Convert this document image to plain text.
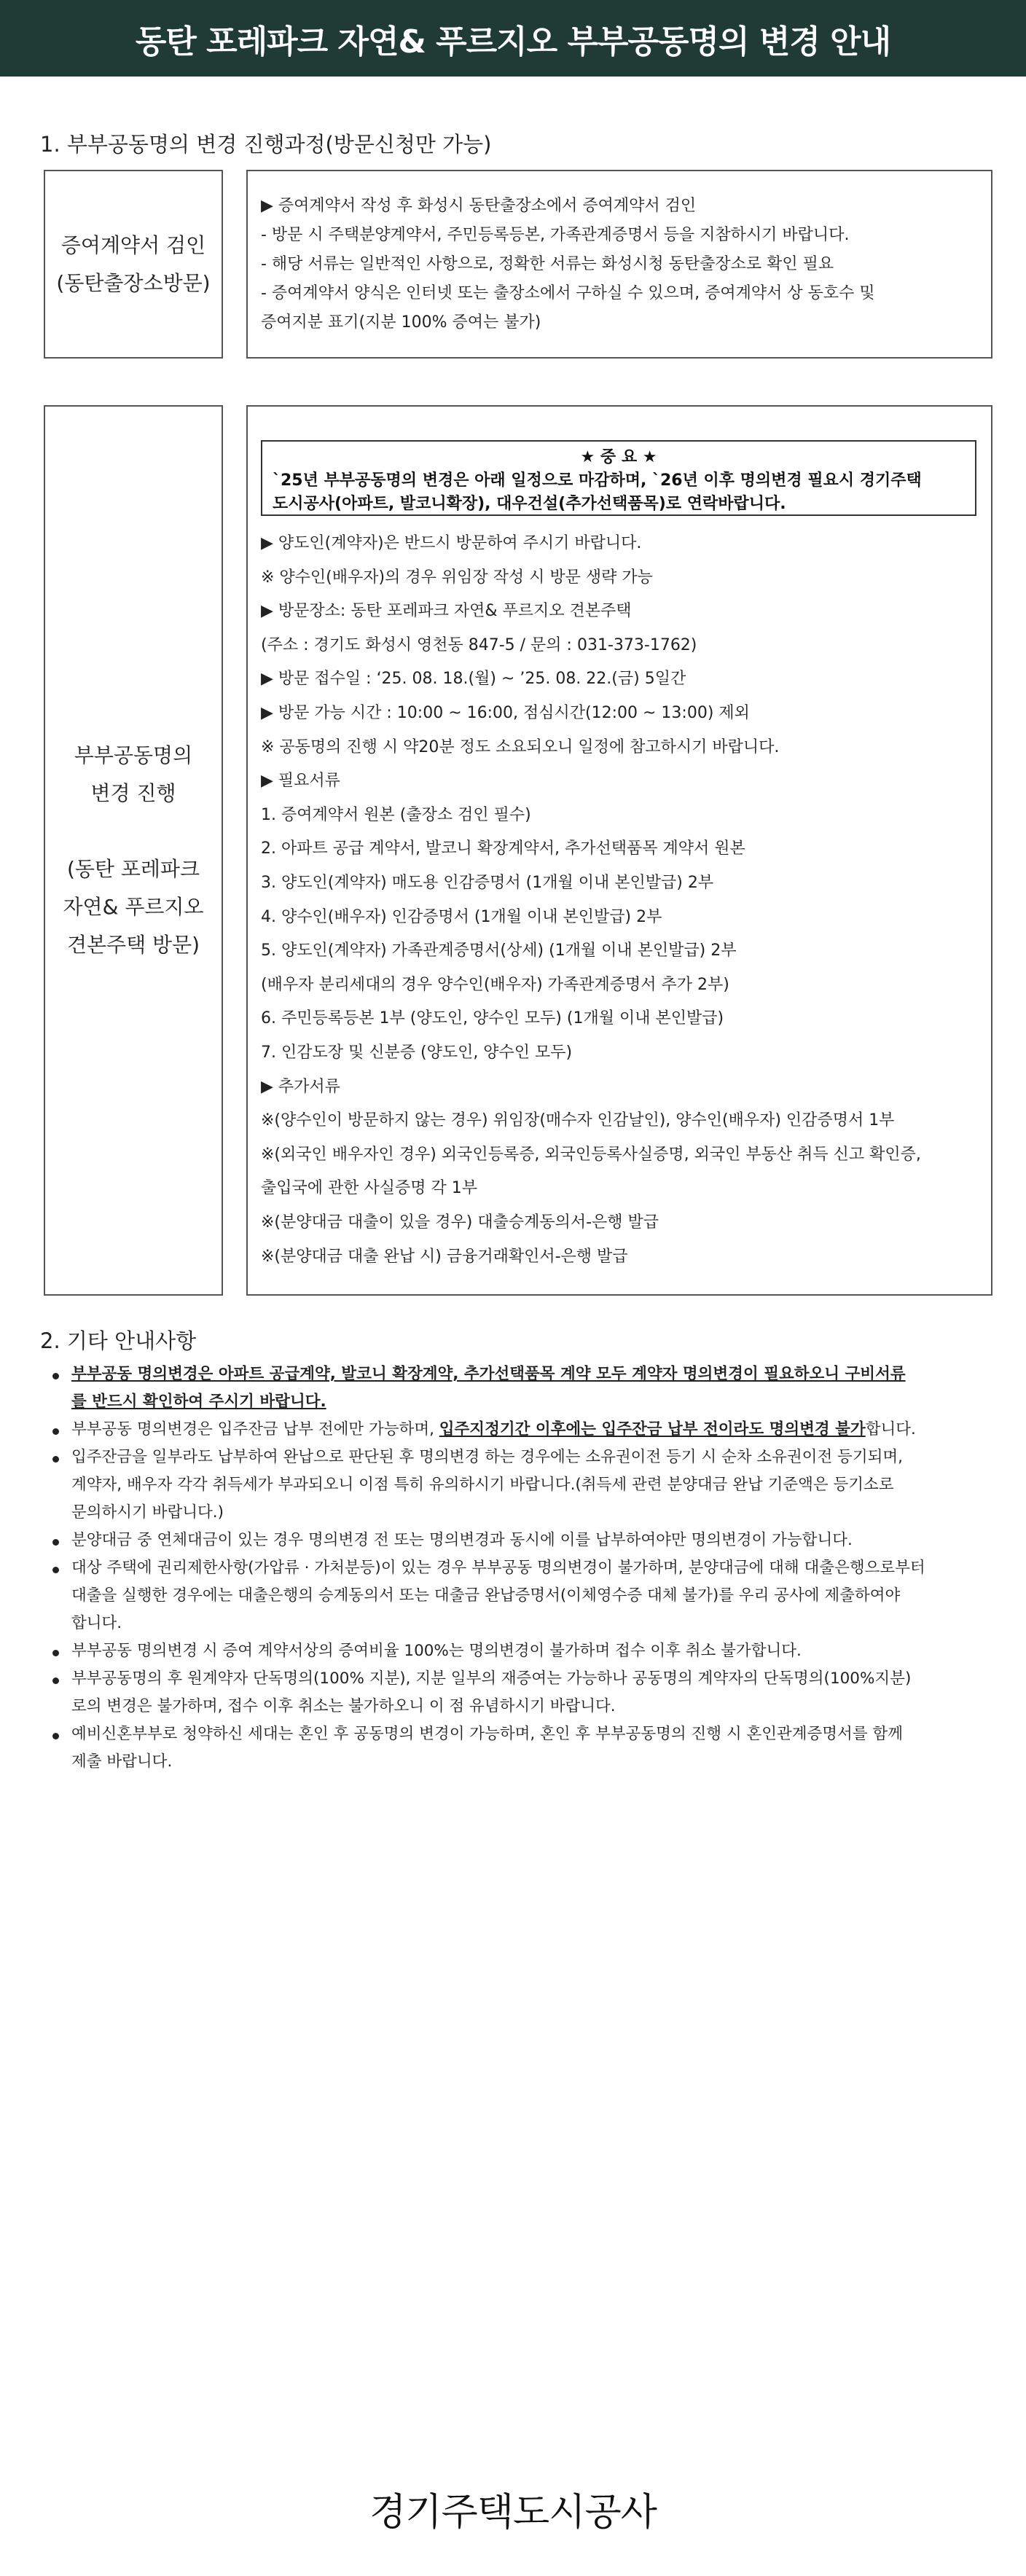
동탄 포레파크 자연& 푸르지오 부부공동명의 변경 안내
1. 부부공동명의 변경 진행과정(방문신청만 가능)
증여계약서 검인
(동탄출장소방문)
▶ 증여계약서 작성 후 화성시 동탄출장소에서 증여계약서 검인
- 방문 시 주택분양계약서, 주민등록등본, 가족관계증명서 등을 지참하시기 바랍니다.
- 해당 서류는 일반적인 사항으로, 정확한 서류는 화성시청 동탄출장소로 확인 필요
- 증여계약서 양식은 인터넷 또는 출장소에서 구하실 수 있으며, 증여계약서 상 동호수 및
증여지분 표기(지분 100% 증여는 불가)
부부공동명의
변경 진행

(동탄 포레파크
자연& 푸르지오
견본주택 방문)
★ 중 요 ★
`25년 부부공동명의 변경은 아래 일정으로 마감하며, `26년 이후 명의변경 필요시 경기주택
도시공사(아파트, 발코니확장), 대우건설(추가선택품목)로 연락바랍니다.
▶ 양도인(계약자)은 반드시 방문하여 주시기 바랍니다.
※ 양수인(배우자)의 경우 위임장 작성 시 방문 생략 가능
▶ 방문장소: 동탄 포레파크 자연& 푸르지오 견본주택
(주소 : 경기도 화성시 영천동 847-5 / 문의 : 031-373-1762)
▶ 방문 접수일 : ‘25. 08. 18.(월) ~ ’25. 08. 22.(금) 5일간
▶ 방문 가능 시간 : 10:00 ~ 16:00, 점심시간(12:00 ~ 13:00) 제외
※ 공동명의 진행 시 약20분 정도 소요되오니 일정에 참고하시기 바랍니다.
▶ 필요서류
1. 증여계약서 원본 (출장소 검인 필수)
2. 아파트 공급 계약서, 발코니 확장계약서, 추가선택품목 계약서 원본
3. 양도인(계약자) 매도용 인감증명서 (1개월 이내 본인발급) 2부
4. 양수인(배우자) 인감증명서 (1개월 이내 본인발급) 2부
5. 양도인(계약자) 가족관계증명서(상세) (1개월 이내 본인발급) 2부
(배우자 분리세대의 경우 양수인(배우자) 가족관계증명서 추가 2부)
6. 주민등록등본 1부 (양도인, 양수인 모두) (1개월 이내 본인발급)
7. 인감도장 및 신분증 (양도인, 양수인 모두)
▶ 추가서류
※(양수인이 방문하지 않는 경우) 위임장(매수자 인감날인), 양수인(배우자) 인감증명서 1부
※(외국인 배우자인 경우) 외국인등록증, 외국인등록사실증명, 외국인 부동산 취득 신고 확인증,
출입국에 관한 사실증명 각 1부
※(분양대금 대출이 있을 경우) 대출승계동의서-은행 발급
※(분양대금 대출 완납 시) 금융거래확인서-은행 발급
2. 기타 안내사항
부부공동 명의변경은 아파트 공급계약, 발코니 확장계약, 추가선택품목 계약 모두 계약자 명의변경이 필요하오니 구비서류
를 반드시 확인하여 주시기 바랍니다.
부부공동 명의변경은 입주잔금 납부 전에만 가능하며, 입주지정기간 이후에는 입주잔금 납부 전이라도 명의변경 불가합니다.
입주잔금을 일부라도 납부하여 완납으로 판단된 후 명의변경 하는 경우에는 소유권이전 등기 시 순차 소유권이전 등기되며,
계약자, 배우자 각각 취득세가 부과되오니 이점 특히 유의하시기 바랍니다.(취득세 관련 분양대금 완납 기준액은 등기소로
문의하시기 바랍니다.)
분양대금 중 연체대금이 있는 경우 명의변경 전 또는 명의변경과 동시에 이를 납부하여야만 명의변경이 가능합니다.
대상 주택에 권리제한사항(가압류 · 가처분등)이 있는 경우 부부공동 명의변경이 불가하며, 분양대금에 대해 대출은행으로부터
대출을 실행한 경우에는 대출은행의 승계동의서 또는 대출금 완납증명서(이체영수증 대체 불가)를 우리 공사에 제출하여야
합니다.
부부공동 명의변경 시 증여 계약서상의 증여비율 100%는 명의변경이 불가하며 접수 이후 취소 불가합니다.
부부공동명의 후 원계약자 단독명의(100% 지분), 지분 일부의 재증여는 가능하나 공동명의 계약자의 단독명의(100%지분)
로의 변경은 불가하며, 접수 이후 취소는 불가하오니 이 점 유념하시기 바랍니다.
예비신혼부부로 청약하신 세대는 혼인 후 공동명의 변경이 가능하며, 혼인 후 부부공동명의 진행 시 혼인관계증명서를 함께
제출 바랍니다.
경기주택도시공사
